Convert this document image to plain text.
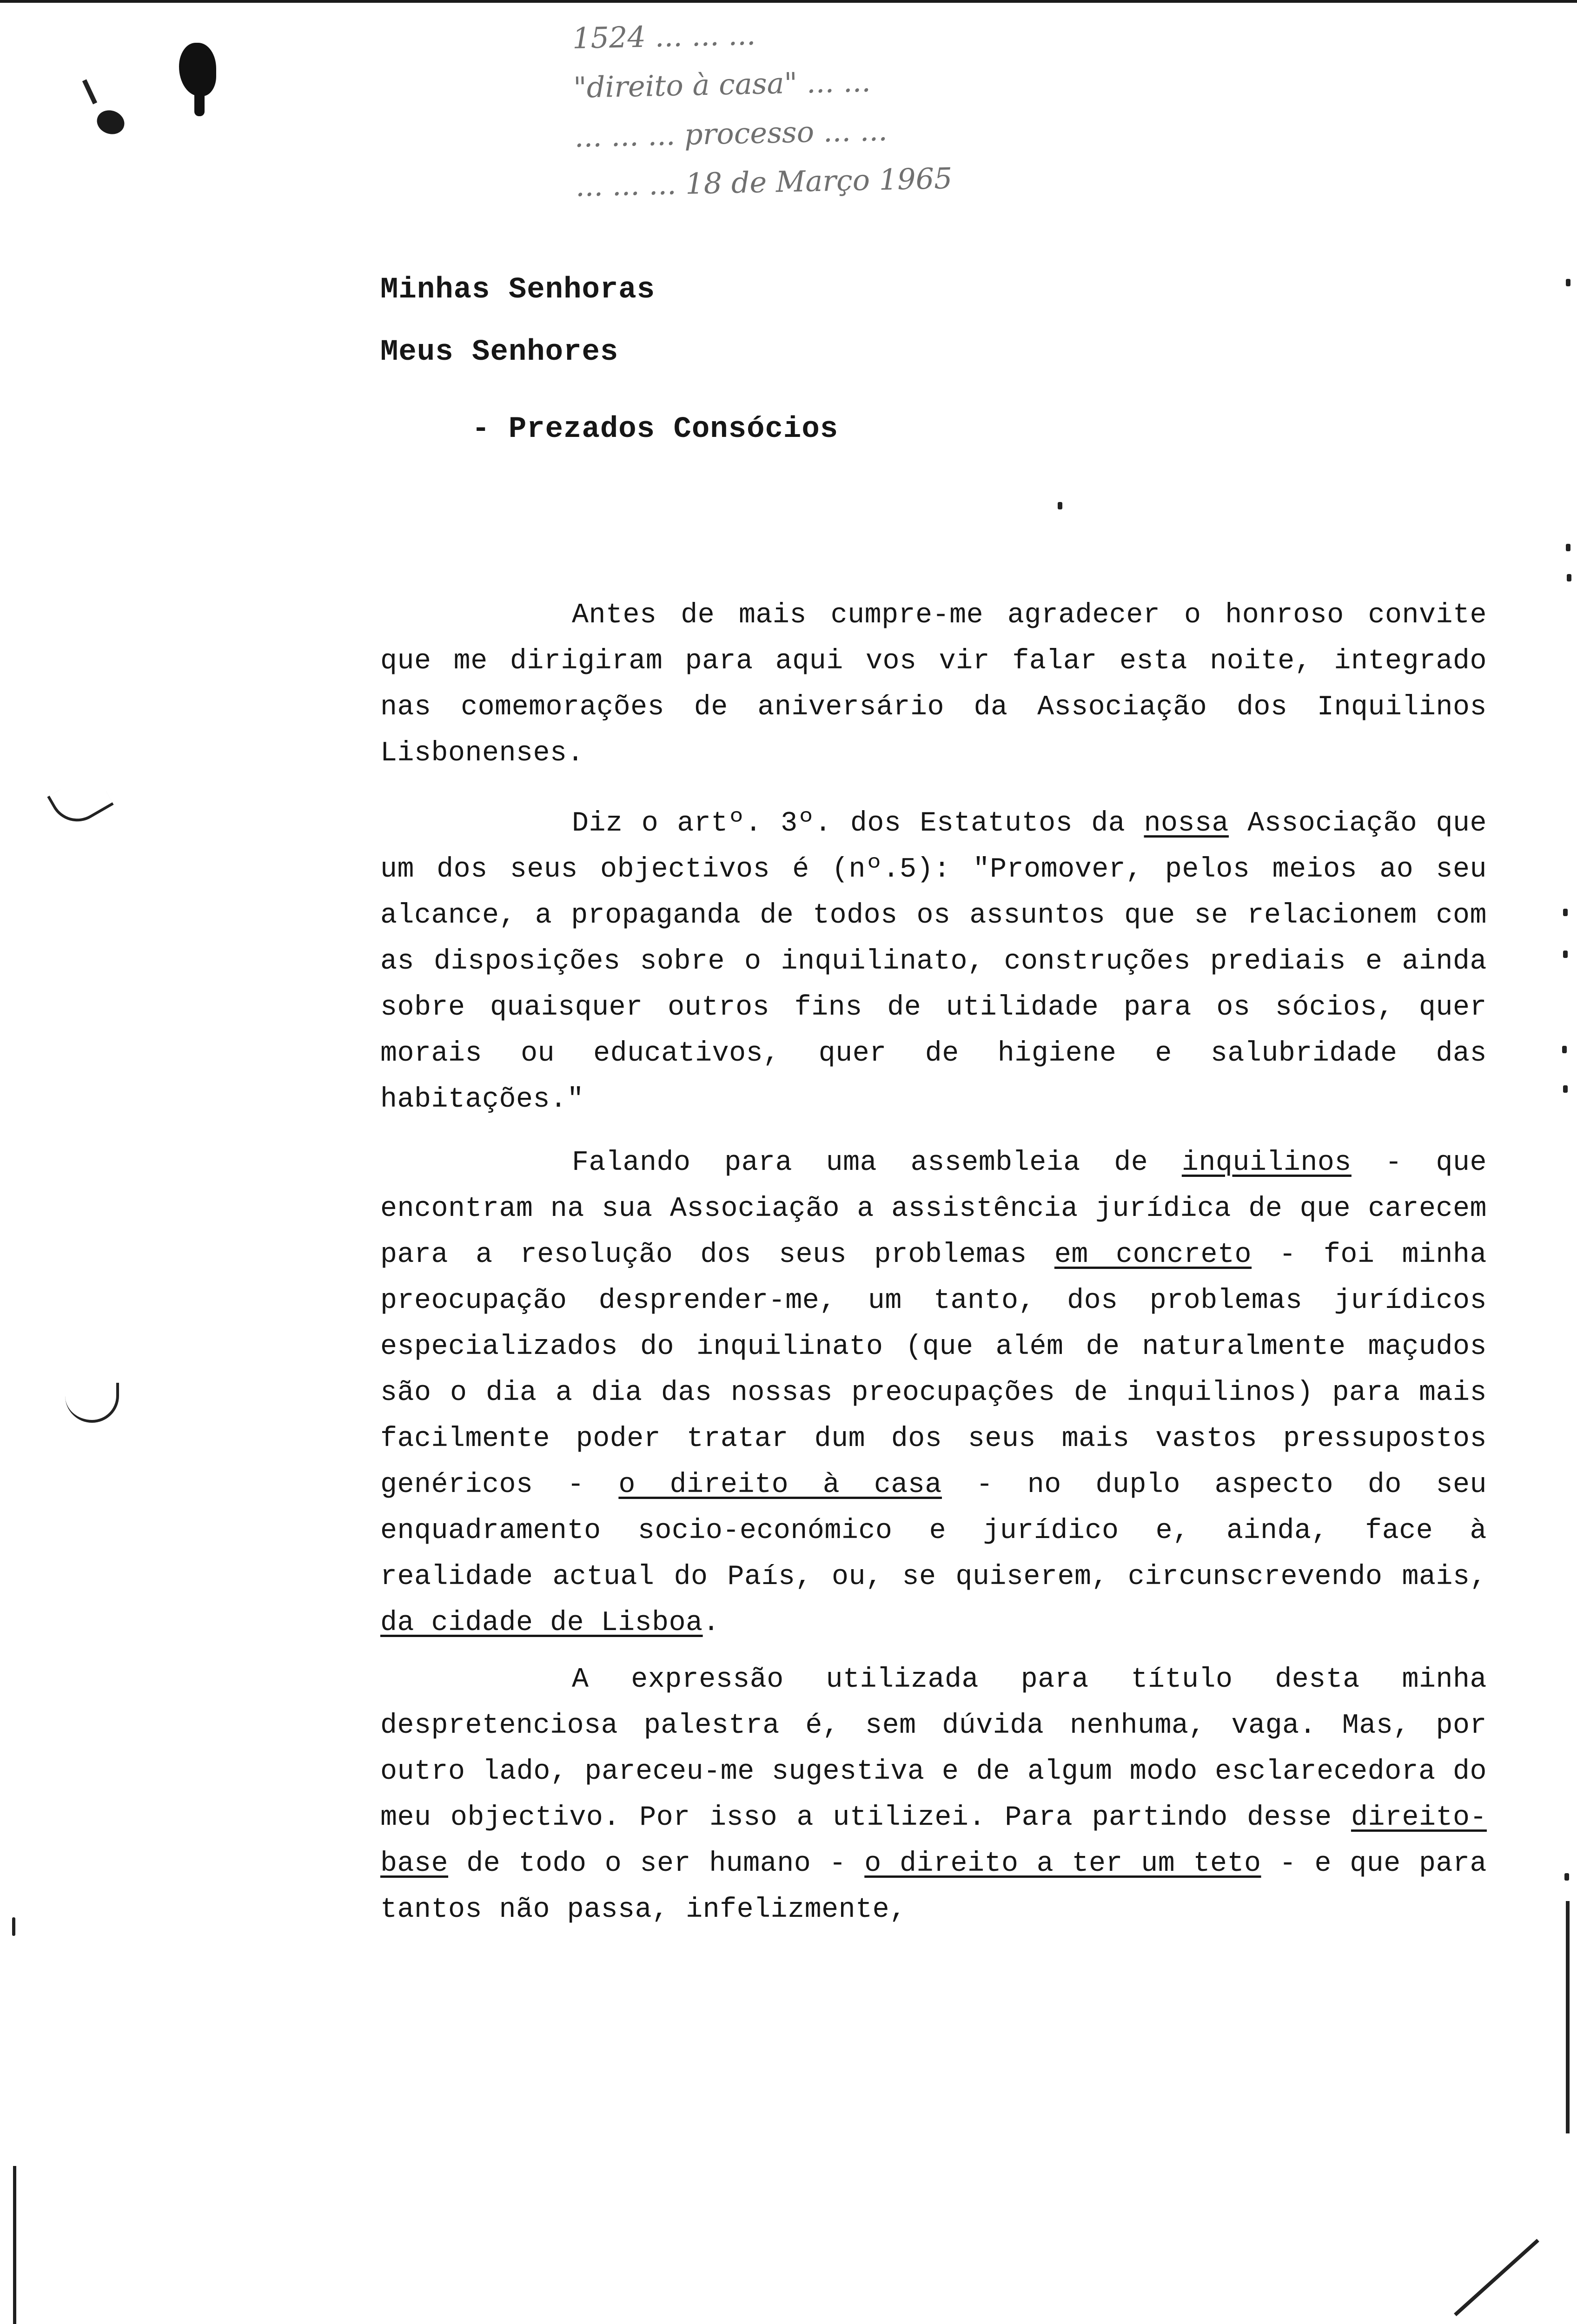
1524 ... ... ...
"direito à casa" ... ...
... ... ... processo ... ...
... ... ... 18 de Março 1965
Minhas Senhoras
Meus Senhores
- Prezados Consócios
Antes de mais cumpre-me agradecer o honroso convite que me dirigiram para aqui vos vir falar esta noite, integrado nas comemorações de aniversário da Associação dos Inquilinos Lisbonenses.
Diz o artº. 3º. dos Estatutos da nossa Associação que um dos seus objectivos é (nº.5): "Promover, pelos meios ao seu alcance, a propaganda de todos os assuntos que se relacionem com as disposições sobre o inquilinato, construções prediais e ainda sobre quaisquer outros fins de utilidade para os sócios, quer morais ou educativos, quer de higiene e salubridade das habitações."
Falando para uma assembleia de inquilinos - que encontram na sua Associação a assistência jurídica de que carecem para a resolução dos seus problemas em concreto - foi minha preocupação desprender-me, um tanto, dos problemas jurídicos especializados do inquilinato (que além de naturalmente maçudos são o dia a dia das nossas preocupações de inquilinos) para mais facilmente poder tratar dum dos seus mais vastos pressupostos genéricos - o direito à casa - no duplo aspecto do seu enquadramento socio-económico e jurídico e, ainda, face à realidade actual do País, ou, se quiserem, circunscrevendo mais, da cidade de Lisboa.
A expressão utilizada para título desta minha despretenciosa palestra é, sem dúvida nenhuma, vaga. Mas, por outro lado, pareceu-me sugestiva e de algum modo esclarecedora do meu objectivo. Por isso a utilizei. Para partindo desse direito-base de todo o ser humano - o direito a ter um teto - e que para tantos não passa, infelizmente,
